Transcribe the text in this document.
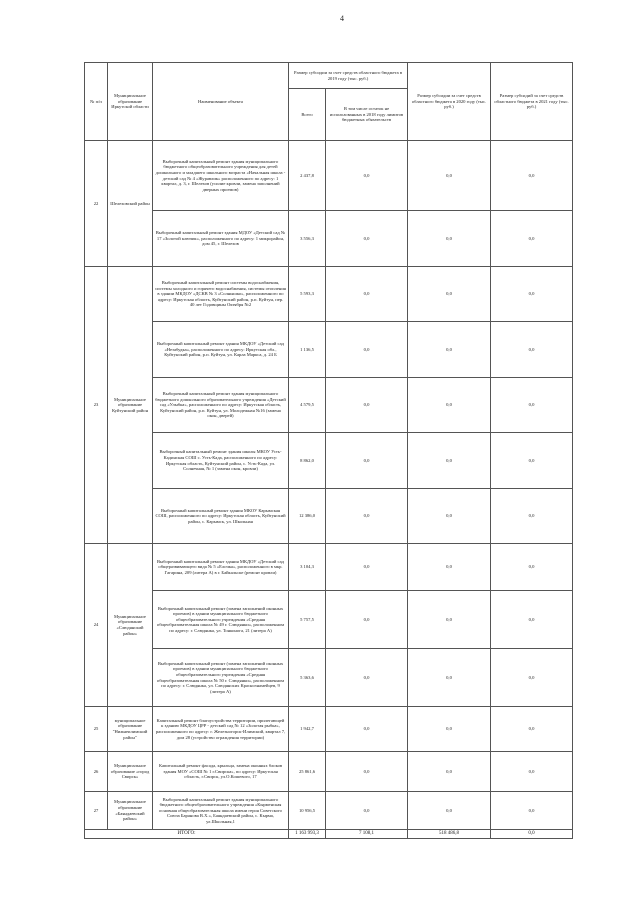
4
№ п/п	Муниципальное образование Иркутской области	Наименование объекта	Размер субсидии за счет средств областного бюджета в 2019 году (тыс. руб.)		Размер субсидии за счет средств областного бюджета в 2020 году (тыс. руб.)	Размер субсидий за счет средств областного бюджета в 2021 году (тыс. руб.)
			Всего	В том числе остаток не использованных в 2018 году лимитов бюджетных обязательств		
22	Шелеховский район	Выборочный капитальный ремонт здания муниципального бюджетного общеобразовательного учреждения для детей дошкольного и младшего школьного возраста «Начальная школа - детский сад № 4 «Журавлик» расположенного по адресу: 1 квартал, д. 3, г. Шелехов (усилие кровли, замена заполнений дверных проемов)	2 437,8	0,0	0,0	0,0
		Выборочный капитальный ремонт здания МДОУ «Детский сад № 17 «Золотой ключик», расположенного по адресу: 1 микрорайон, дом 45, г. Шелехов	3 556,3	0,0	0,0	0,0
23	Муниципальное образование Куйтунский район	Выборочный капитальный ремонт системы водоснабжения, системы холодного и горячего водоснабжения, системы отопления в здании МКДОУ «ДСКВ № 3 «Солнышко», расположенного по адресу: Иркутская область, Куйтунский район, р.п. Куйтун, пер. 40 лет Годовщины Октября №2	5 593,3	0,0	0,0	0,0
		Выборочный капитальный ремонт здания МКДОУ «Детский сад «Незабудка», расположенного по адресу: Иркутская обл., Куйтунский район, р.п. Куйтун, ул. Карла Маркса, д. 24 Б	1 136,5	0,0	0,0	0,0
		Выборочный капитальный ремонт здания муниципального бюджетного дошкольного образовательного учреждения «Детский сад «Улыбка», расположенного по адресу: Иркутская область, Куйтунский район, р.п. Куйтун, ул. Молодежная №16 (замена окон, дверей)	4 579,5	0,0	0,0	0,0
		Выборочный капитальный ремонт здания школы МКОУ Усть-Кадинская СОШ с. Усть-Када, расположенного по адресу: Иркутская область, Куйтунский район, с. Усть-Када, ул. Солнечная, № 1 (замена окон, кровли)	8 862,0	0,0	0,0	0,0
		Выборочный капитальный ремонт здания МКОУ Карымская СОШ, расположенного по адресу: Иркутская область, Куйтунский район, с. Карымск, ул. Школьная	12 386,0	0,0	0,0	0,0
24	Муниципальное образование «Слюдянский район»	Выборочный капитальный ремонт здания МКДОУ «Детский сад общеразвивающего вида № 5 «Елочка», расположенного в мкр. Гагарина, 209 (литера А) в г. Байкальске (ремонт кровли)	3 104,3	0,0	0,0	0,0
		Выборочный капитальный ремонт (замена заполнений оконных проемов) в здании муниципального бюджетного общеобразовательного учреждения «Средняя общеобразовательная школа № 49 г. Слюдянки», расположенном по адресу: г. Слюдянка, ул. Тонконога, 21 (литера А)	5 757,5	0,0	0,0	0,0
		Выборочный капитальный ремонт (замена заполнений оконных проемов) в здании муниципального бюджетного общеобразовательного учреждения «Средняя общеобразовательная школа № 50 г. Слюдянки», расположенном по адресу: г. Слюдянка, ул. Слюдянских Краснознамейцев, 9 (литера А)	5 363,6	0,0	0,0	0,0
25	муниципальное образование "Нижнеилимский район"	Капитальный ремонт благоустройства территории, прилегающей к зданию МКДОУ ЦРР - детский сад № 12 «Золотая рыбка», расположенного по адресу: г. Железногорск-Илимский, квартал 7, дом 28 (устройство ограждения территории)	1 942,7	0,0	0,0	0,0
26	Муниципальное образование «город Свирск»	Капитальный ремонт фасада, крыльца, замена оконных блоков здания МОУ «СОШ № 1 г.Свирска», по адресу: Иркутская область, г.Свирск, ул.О.Кошевого, 17	25 861,6	0,0	0,0	0,0
27	Муниципальное образование «Баяндаевский район»	Выборочный капитальный ремонт здания муниципального бюджетного общеобразовательного учреждения «Кырменская основная общеобразовательная школа имени героя Советского Союза Баранова В.Х.», Баяндаевский район, с. Кырма, ул.Школьная,1	10 956,5	0,0	0,0	0,0
ИТОГО:			1 163 993,3	7 108,1	518 486,8	0,0
